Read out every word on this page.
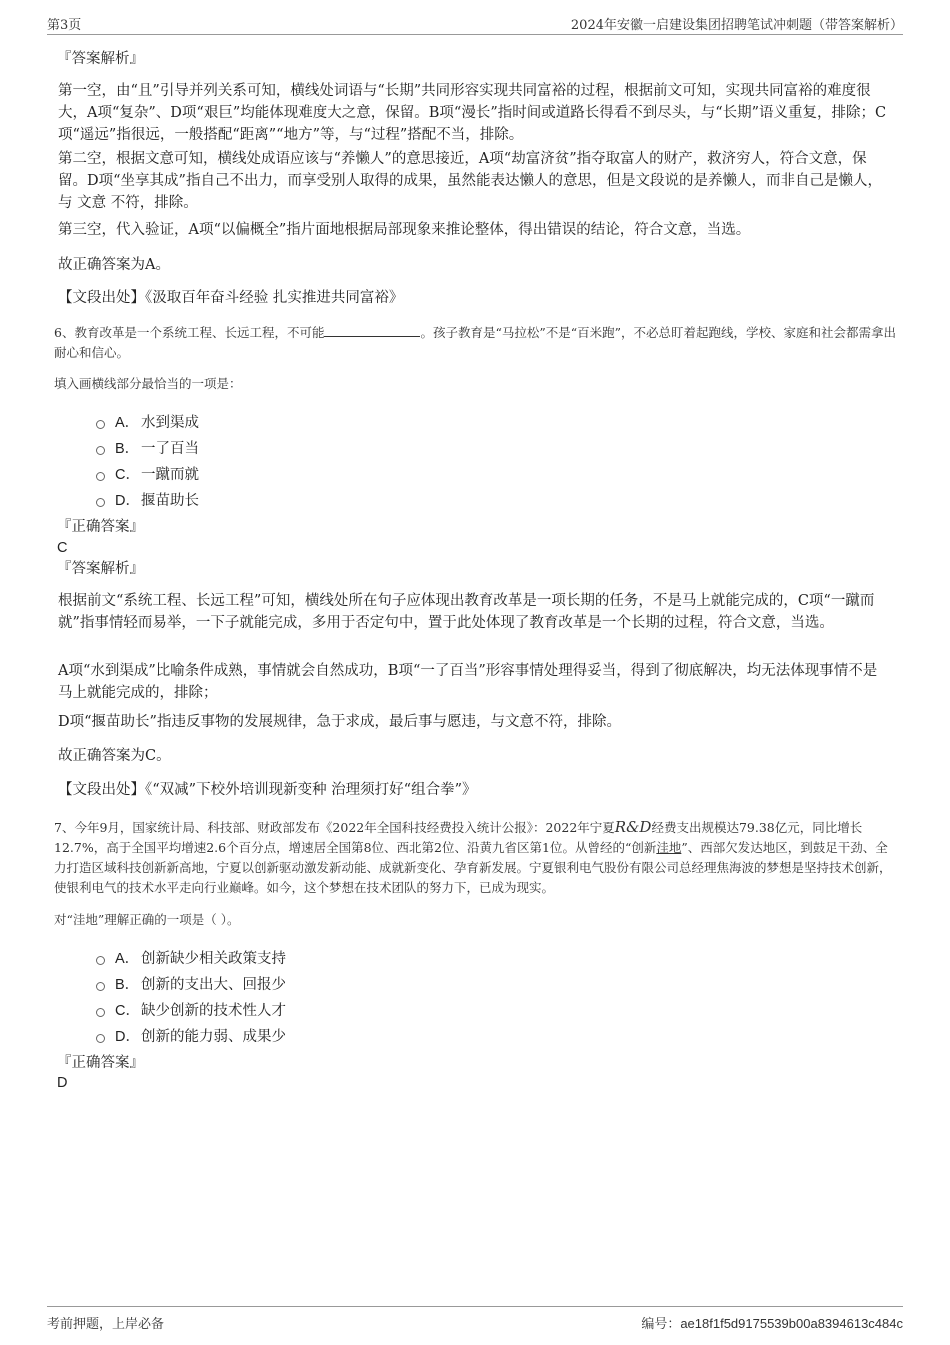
第3页	2024年安徽一启建设集团招聘笔试冲刺题（带答案解析）
『答案解析』
第一空，由“且”引导并列关系可知，横线处词语与“长期”共同形容实现共同富裕的过程，根据前文可知，实现共同富裕的难度很大，A项“复杂”、D项“艰巨”均能体现难度大之意，保留。B项“漫长”指时间或道路长得看不到尽头，与“长期”语义重复，排除；C项“遥远”指很远，一般搭配“距离”“地方”等，与“过程”搭配不当，排除。
第二空，根据文意可知，横线处成语应该与“养懒人”的意思接近，A项“劫富济贫”指夺取富人的财产，救济穷人，符合文意，保留。D项“坐享其成”指自己不出力，而享受别人取得的成果，虽然能表达懒人的意思，但是文段说的是养懒人，而非自己是懒人，与 文意 不符，排除。
第三空，代入验证，A项“以偏概全”指片面地根据局部现象来推论整体，得出错误的结论，符合文意，当选。
故正确答案为A。
【文段出处】《汲取百年奋斗经验 扎实推进共同富裕》
6、教育改革是一个系统工程、长远工程，不可能	。孩子教育是“马拉松”不是“百米跑”，不必总盯着起跑线，学校、家庭和社会都需拿出耐心和信心。
填入画横线部分最恰当的一项是：
A． 水到渠成
B． 一了百当
C． 一蹴而就
D． 揠苗助长
『正确答案』
C
『答案解析』
根据前文“系统工程、长远工程”可知，横线处所在句子应体现出教育改革是一项长期的任务，不是马上就能完成的，C项“一蹴而就”指事情轻而易举，一下子就能完成，多用于否定句中，置于此处体现了教育改革是一个长期的过程，符合文意，当选。
A项“水到渠成”比喻条件成熟，事情就会自然成功，B项“一了百当”形容事情处理得妥当，得到了彻底解决，均无法体现事情不是马上就能完成的，排除；
D项“揠苗助长”指违反事物的发展规律，急于求成，最后事与愿违，与文意不符，排除。
故正确答案为C。
【文段出处】《“双减”下校外培训现新变种 治理须打好“组合拳”》
7、今年9月，国家统计局、科技部、财政部发布《2022年全国科技经费投入统计公报》：2022年宁夏R&D经费支出规模达79.38亿元，同比增长12.7%，高于全国平均增速2.6个百分点，增速居全国第8位、西北第2位、沿黄九省区第1位。从曾经的“创新洼地”、西部欠发达地区，到鼓足干劲、全力打造区域科技创新新高地，宁夏以创新驱动激发新动能、成就新变化、孕育新发展。宁夏银利电气股份有限公司总经理焦海波的梦想是坚持技术创新，使银利电气的技术水平走向行业巅峰。如今，这个梦想在技术团队的努力下，已成为现实。
对“洼地”理解正确的一项是（ ）。
A． 创新缺少相关政策支持
B． 创新的支出大、回报少
C． 缺少创新的技术性人才
D． 创新的能力弱、成果少
『正确答案』
D
考前押题，上岸必备	编号：ae18f1f5d9175539b00a8394613c484c
